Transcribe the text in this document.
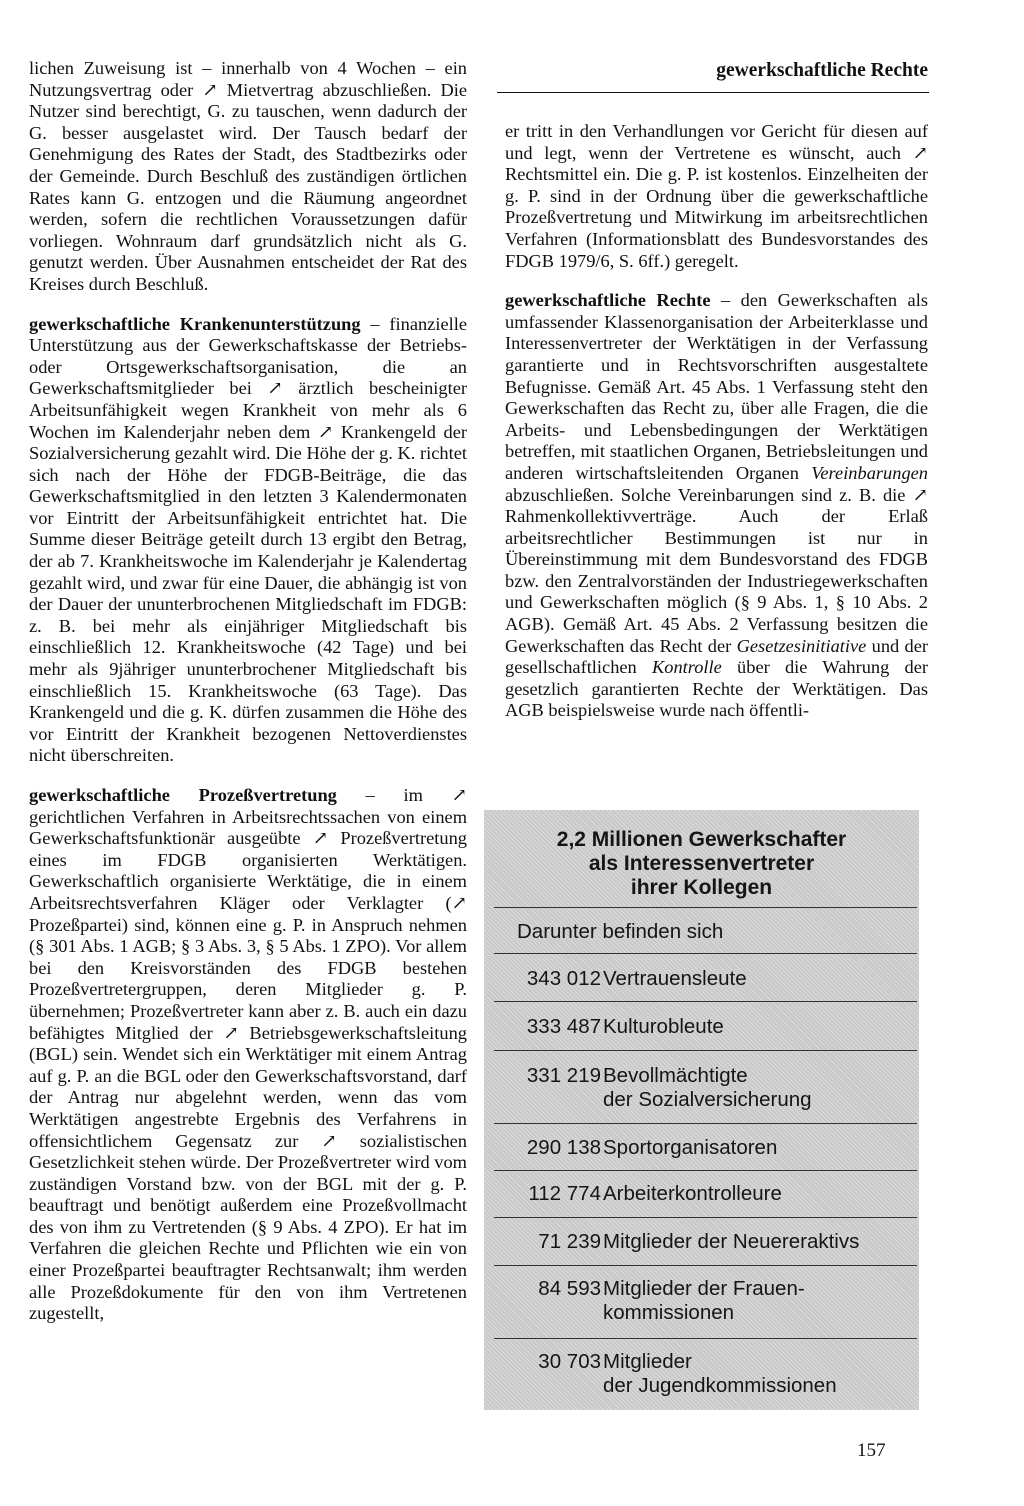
gewerkschaftliche Rechte

lichen Zuweisung ist – innerhalb von 4 Wochen – ein Nutzungsvertrag oder ↗ Mietvertrag abzuschließen. Die Nutzer sind berechtigt, G. zu tauschen, wenn dadurch der G. besser ausgelastet wird. Der Tausch bedarf der Genehmigung des Rates der Stadt, des Stadtbezirks oder der Gemeinde. Durch Beschluß des zuständigen örtlichen Rates kann G. entzogen und die Räumung angeordnet werden, sofern die rechtlichen Voraussetzungen dafür vorliegen. Wohnraum darf grundsätzlich nicht als G. genutzt werden. Über Ausnahmen entscheidet der Rat des Kreises durch Beschluß.

gewerkschaftliche Krankenunterstützung – finanzielle Unterstützung aus der Gewerkschaftskasse der Betriebs- oder Ortsgewerkschaftsorganisation, die an Gewerkschaftsmitglieder bei ↗ ärztlich bescheinigter Arbeitsunfähigkeit wegen Krankheit von mehr als 6 Wochen im Kalenderjahr neben dem ↗ Krankengeld der Sozialversicherung gezahlt wird. Die Höhe der g. K. richtet sich nach der Höhe der FDGB-Beiträge, die das Gewerkschaftsmitglied in den letzten 3 Kalendermonaten vor Eintritt der Arbeitsunfähigkeit entrichtet hat. Die Summe dieser Beiträge geteilt durch 13 ergibt den Betrag, der ab 7. Krankheitswoche im Kalenderjahr je Kalendertag gezahlt wird, und zwar für eine Dauer, die abhängig ist von der Dauer der ununterbrochenen Mitgliedschaft im FDGB: z. B. bei mehr als einjähriger Mitgliedschaft bis einschließlich 12. Krankheitswoche (42 Tage) und bei mehr als 9jähriger ununterbrochener Mitgliedschaft bis einschließlich 15. Krankheitswoche (63 Tage). Das Krankengeld und die g. K. dürfen zusammen die Höhe des vor Eintritt der Krankheit bezogenen Nettoverdienstes nicht überschreiten.

gewerkschaftliche Prozeßvertretung – im ↗ gerichtlichen Verfahren in Arbeitsrechtssachen von einem Gewerkschaftsfunktionär ausgeübte ↗ Prozeßvertretung eines im FDGB organisierten Werktätigen. Gewerkschaftlich organisierte Werktätige, die in einem Arbeitsrechtsverfahren Kläger oder Verklagter (↗ Prozeßpartei) sind, können eine g. P. in Anspruch nehmen (§ 301 Abs. 1 AGB; § 3 Abs. 3, § 5 Abs. 1 ZPO). Vor allem bei den Kreisvorständen des FDGB bestehen Prozeßvertretergruppen, deren Mitglieder g. P. übernehmen; Prozeßvertreter kann aber z. B. auch ein dazu befähigtes Mitglied der ↗ Betriebsgewerkschaftsleitung (BGL) sein. Wendet sich ein Werktätiger mit einem Antrag auf g. P. an die BGL oder den Gewerkschaftsvorstand, darf der Antrag nur abgelehnt werden, wenn das vom Werktätigen angestrebte Ergebnis des Verfahrens in offensichtlichem Gegensatz zur ↗ sozialistischen Gesetzlichkeit stehen würde. Der Prozeßvertreter wird vom zuständigen Vorstand bzw. von der BGL mit der g. P. beauftragt und benötigt außerdem eine Prozeßvollmacht des von ihm zu Vertretenden (§ 9 Abs. 4 ZPO). Er hat im Verfahren die gleichen Rechte und Pflichten wie ein von einer Prozeßpartei beauftragter Rechtsanwalt; ihm werden alle Prozeßdokumente für den von ihm Vertretenen zugestellt,

er tritt in den Verhandlungen vor Gericht für diesen auf und legt, wenn der Vertretene es wünscht, auch ↗ Rechtsmittel ein. Die g. P. ist kostenlos. Einzelheiten der g. P. sind in der Ordnung über die gewerkschaftliche Prozeßvertretung und Mitwirkung im arbeitsrechtlichen Verfahren (Informationsblatt des Bundesvorstandes des FDGB 1979/6, S. 6ff.) geregelt.

gewerkschaftliche Rechte – den Gewerkschaften als umfassender Klassenorganisation der Arbeiterklasse und Interessenvertreter der Werktätigen in der Verfassung garantierte und in Rechtsvorschriften ausgestaltete Befugnisse. Gemäß Art. 45 Abs. 1 Verfassung steht den Gewerkschaften das Recht zu, über alle Fragen, die die Arbeits- und Lebensbedingungen der Werktätigen betreffen, mit staatlichen Organen, Betriebsleitungen und anderen wirtschaftsleitenden Organen Vereinbarungen abzuschließen. Solche Vereinbarungen sind z. B. die ↗ Rahmenkollektivverträge. Auch der Erlaß arbeitsrechtlicher Bestimmungen ist nur in Übereinstimmung mit dem Bundesvorstand des FDGB bzw. den Zentralvorständen der Industriegewerkschaften und Gewerkschaften möglich (§ 9 Abs. 1, § 10 Abs. 2 AGB). Gemäß Art. 45 Abs. 2 Verfassung besitzen die Gewerkschaften das Recht der Gesetzesinitiative und der gesellschaftlichen Kontrolle über die Wahrung der gesetzlich garantierten Rechte der Werktätigen. Das AGB beispielsweise wurde nach öffentli-

2,2 Millionen Gewerkschafter
als Interessenvertreter
ihrer Kollegen
Darunter befinden sich
343 012 Vertrauensleute
333 487 Kulturobleute
331 219 Bevollmächtigte
der Sozialversicherung
290 138 Sportorganisatoren
112 774 Arbeiterkontrolleure
71 239 Mitglieder der Neuereraktivs
84 593 Mitglieder der Frauen-
kommissionen
30 703 Mitglieder
der Jugendkommissionen
157
